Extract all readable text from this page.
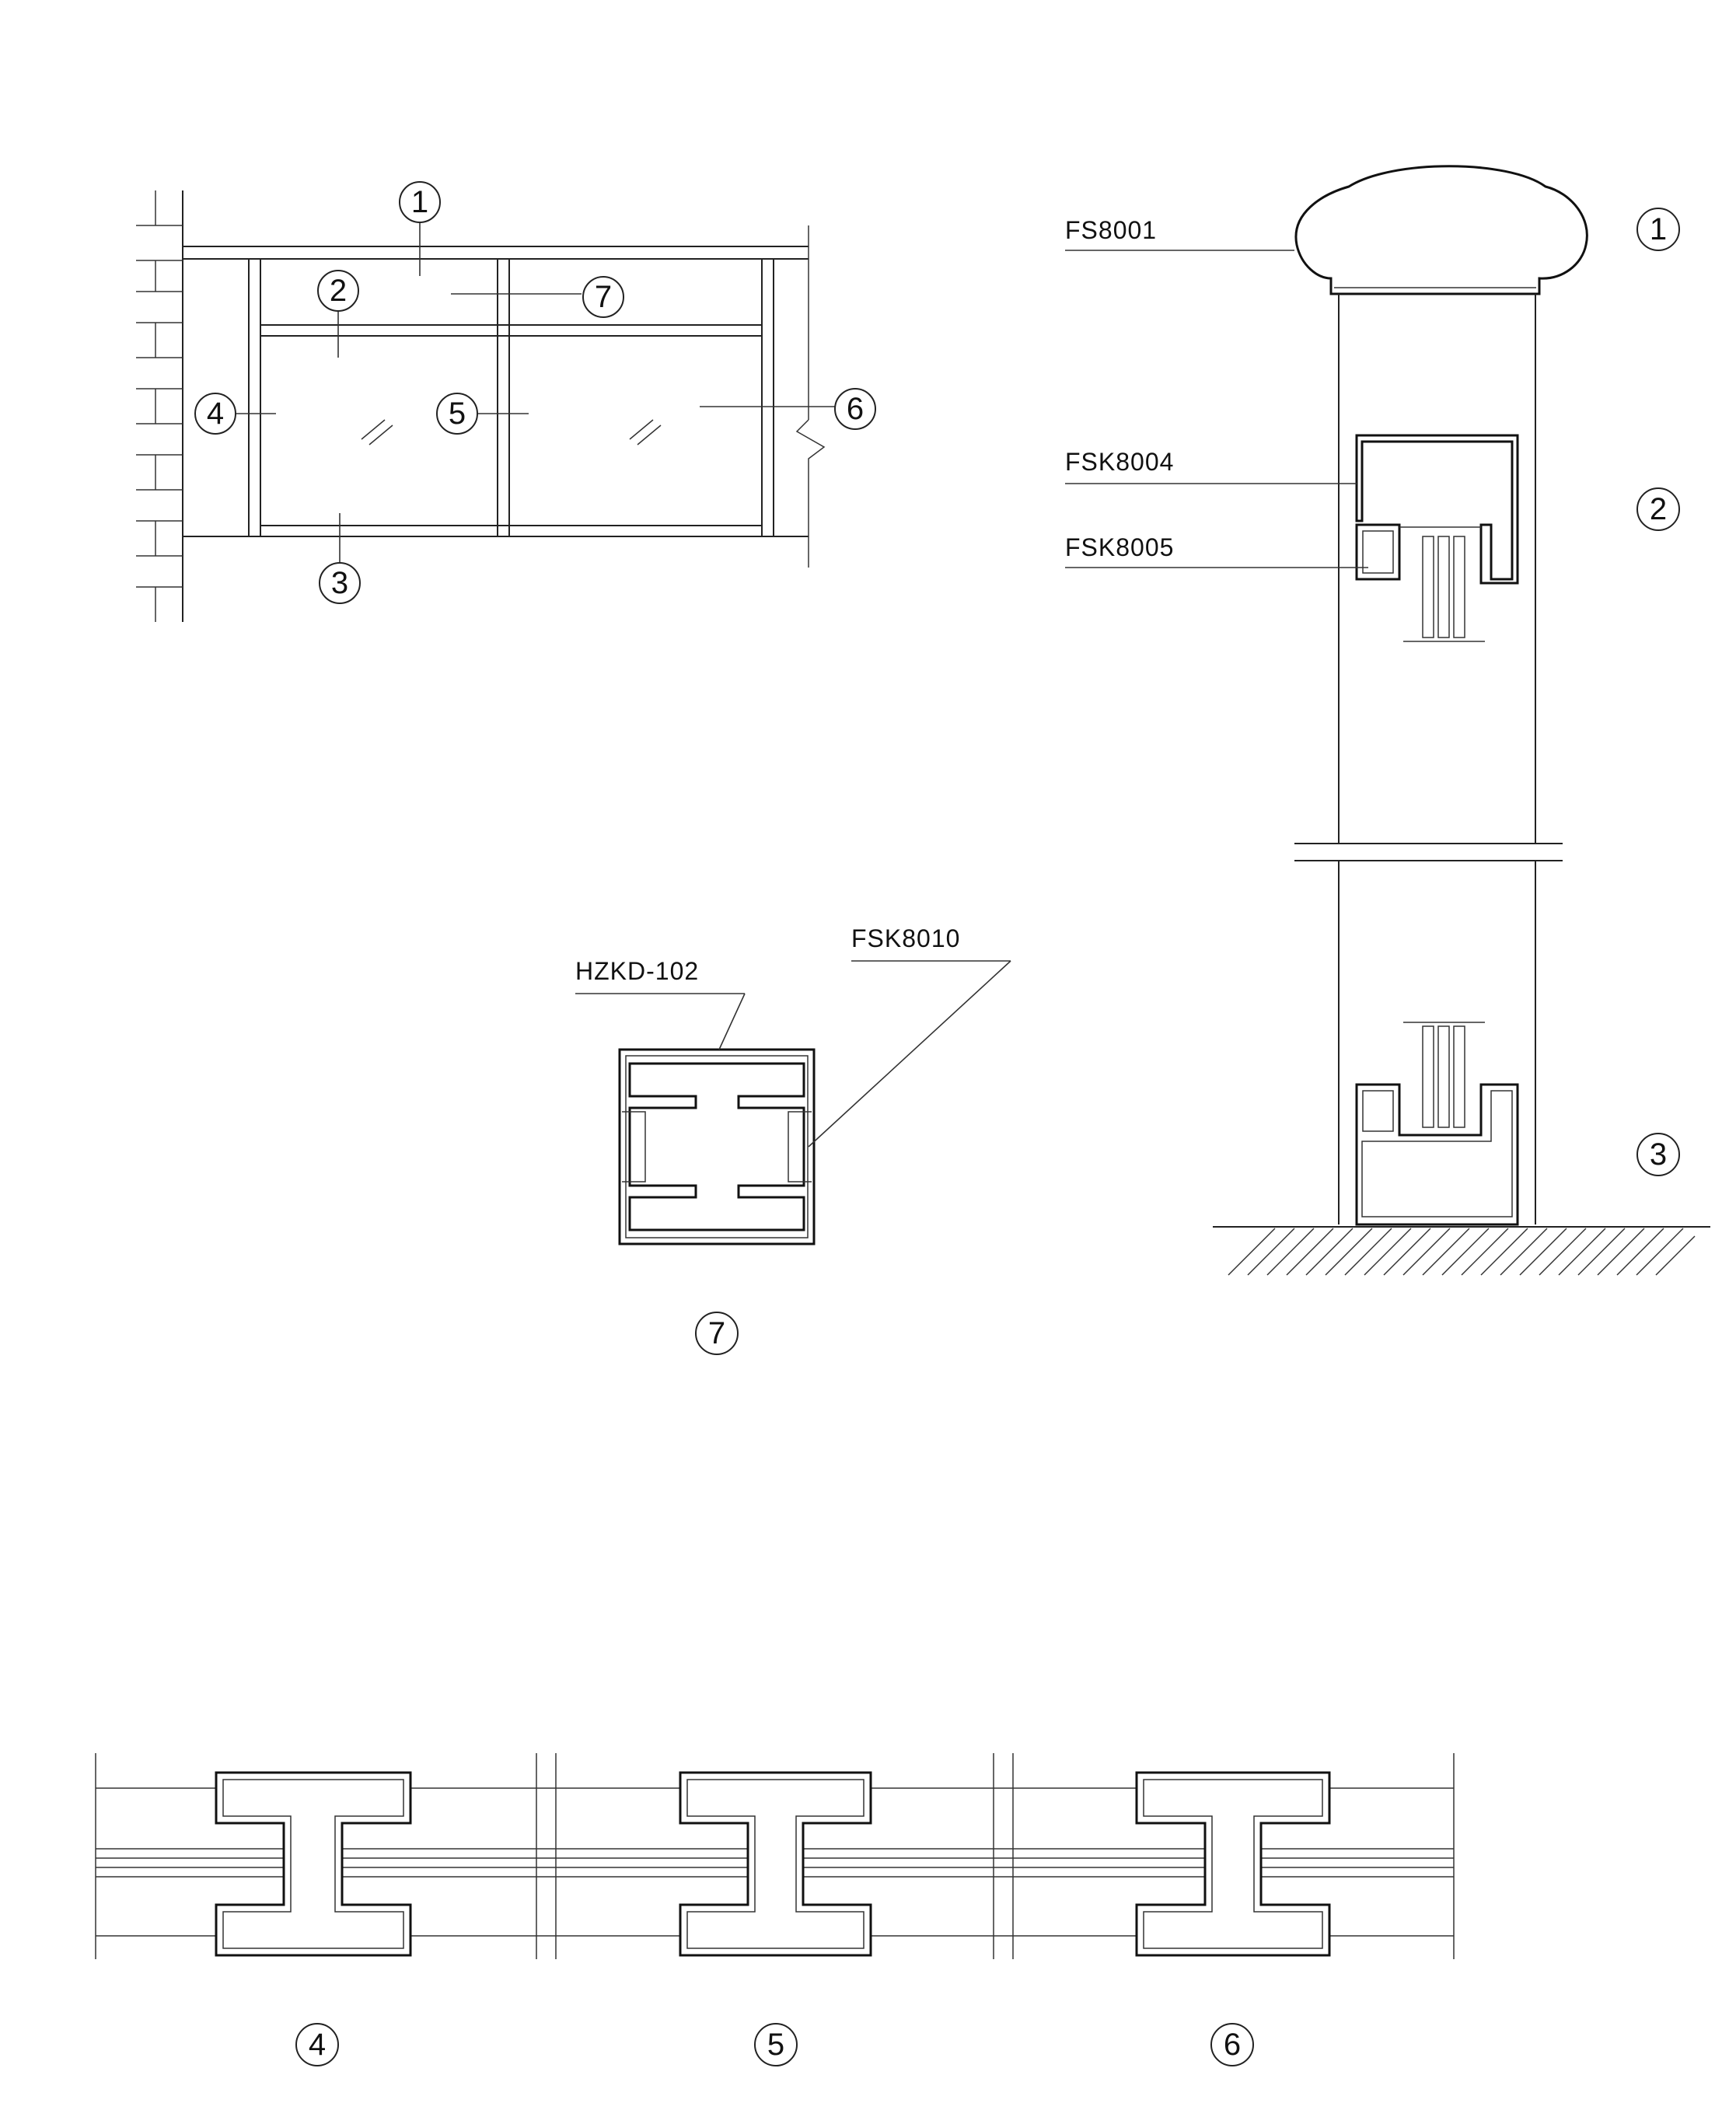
1
2	7
4	5	6
3
FS8001
FSK8004
FSK8005
1
2
3
HZKD-102
FSK8010
7
4	5	6
